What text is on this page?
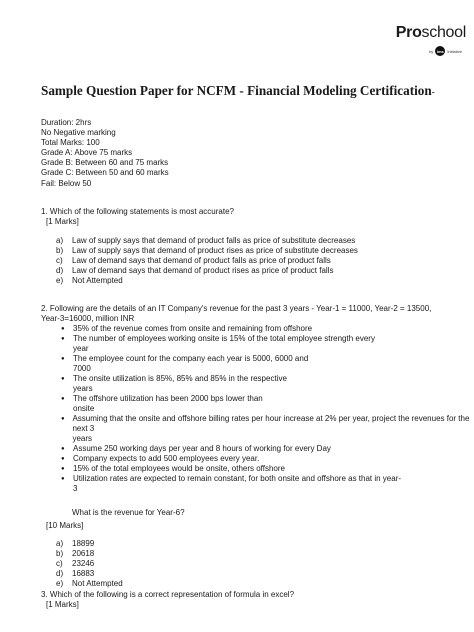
Proschool
by ims Initiative
Sample Question Paper for NCFM - Financial Modeling Certification-
Duration: 2hrs
No Negative marking
Total Marks: 100
Grade A: Above 75 marks
Grade B: Between 60 and 75 marks
Grade C: Between 50 and 60 marks
Fail: Below 50
1. Which of the following statements is most accurate?
[1 Marks]
a)	Law of supply says that demand of product falls as price of substitute decreases
b)	Law of supply says that demand of product rises as price of substitute decreases
c)	Law of demand says that demand of product falls as price of product falls
d)	Law of demand says that demand of product rises as price of product falls
e)	Not Attempted
2. Following are the details of an IT Company's revenue for the past 3 years - Year-1 = 11000, Year-2 = 13500,
Year-3=16000, million INR
●	35% of the revenue comes from onsite and remaining from offshore
●	The number of employees working onsite is 15% of the total employee strength every
year
●	The employee count for the company each year is 5000, 6000 and
7000
●	The onsite utilization is 85%, 85% and 85% in the respective
years
●	The offshore utilization has been 2000 bps lower than
onsite
● Assuming that the onsite and offshore billing rates per hour increase at 2% per year, project the revenues for the next 3
years
●	Assume 250 working days per year and 8 hours of working for every Day
●	Company expects to add 500 employees every year.
●	15% of the total employees would be onsite, others offshore
●	Utilization rates are expected to remain constant, for both onsite and offshore as that in year-
3
What is the revenue for Year-6?
[10 Marks]
a)	18899
b)	20618
c)	23246
d)	16883
e)	Not Attempted
3. Which of the following is a correct representation of formula in excel?
[1 Marks]
